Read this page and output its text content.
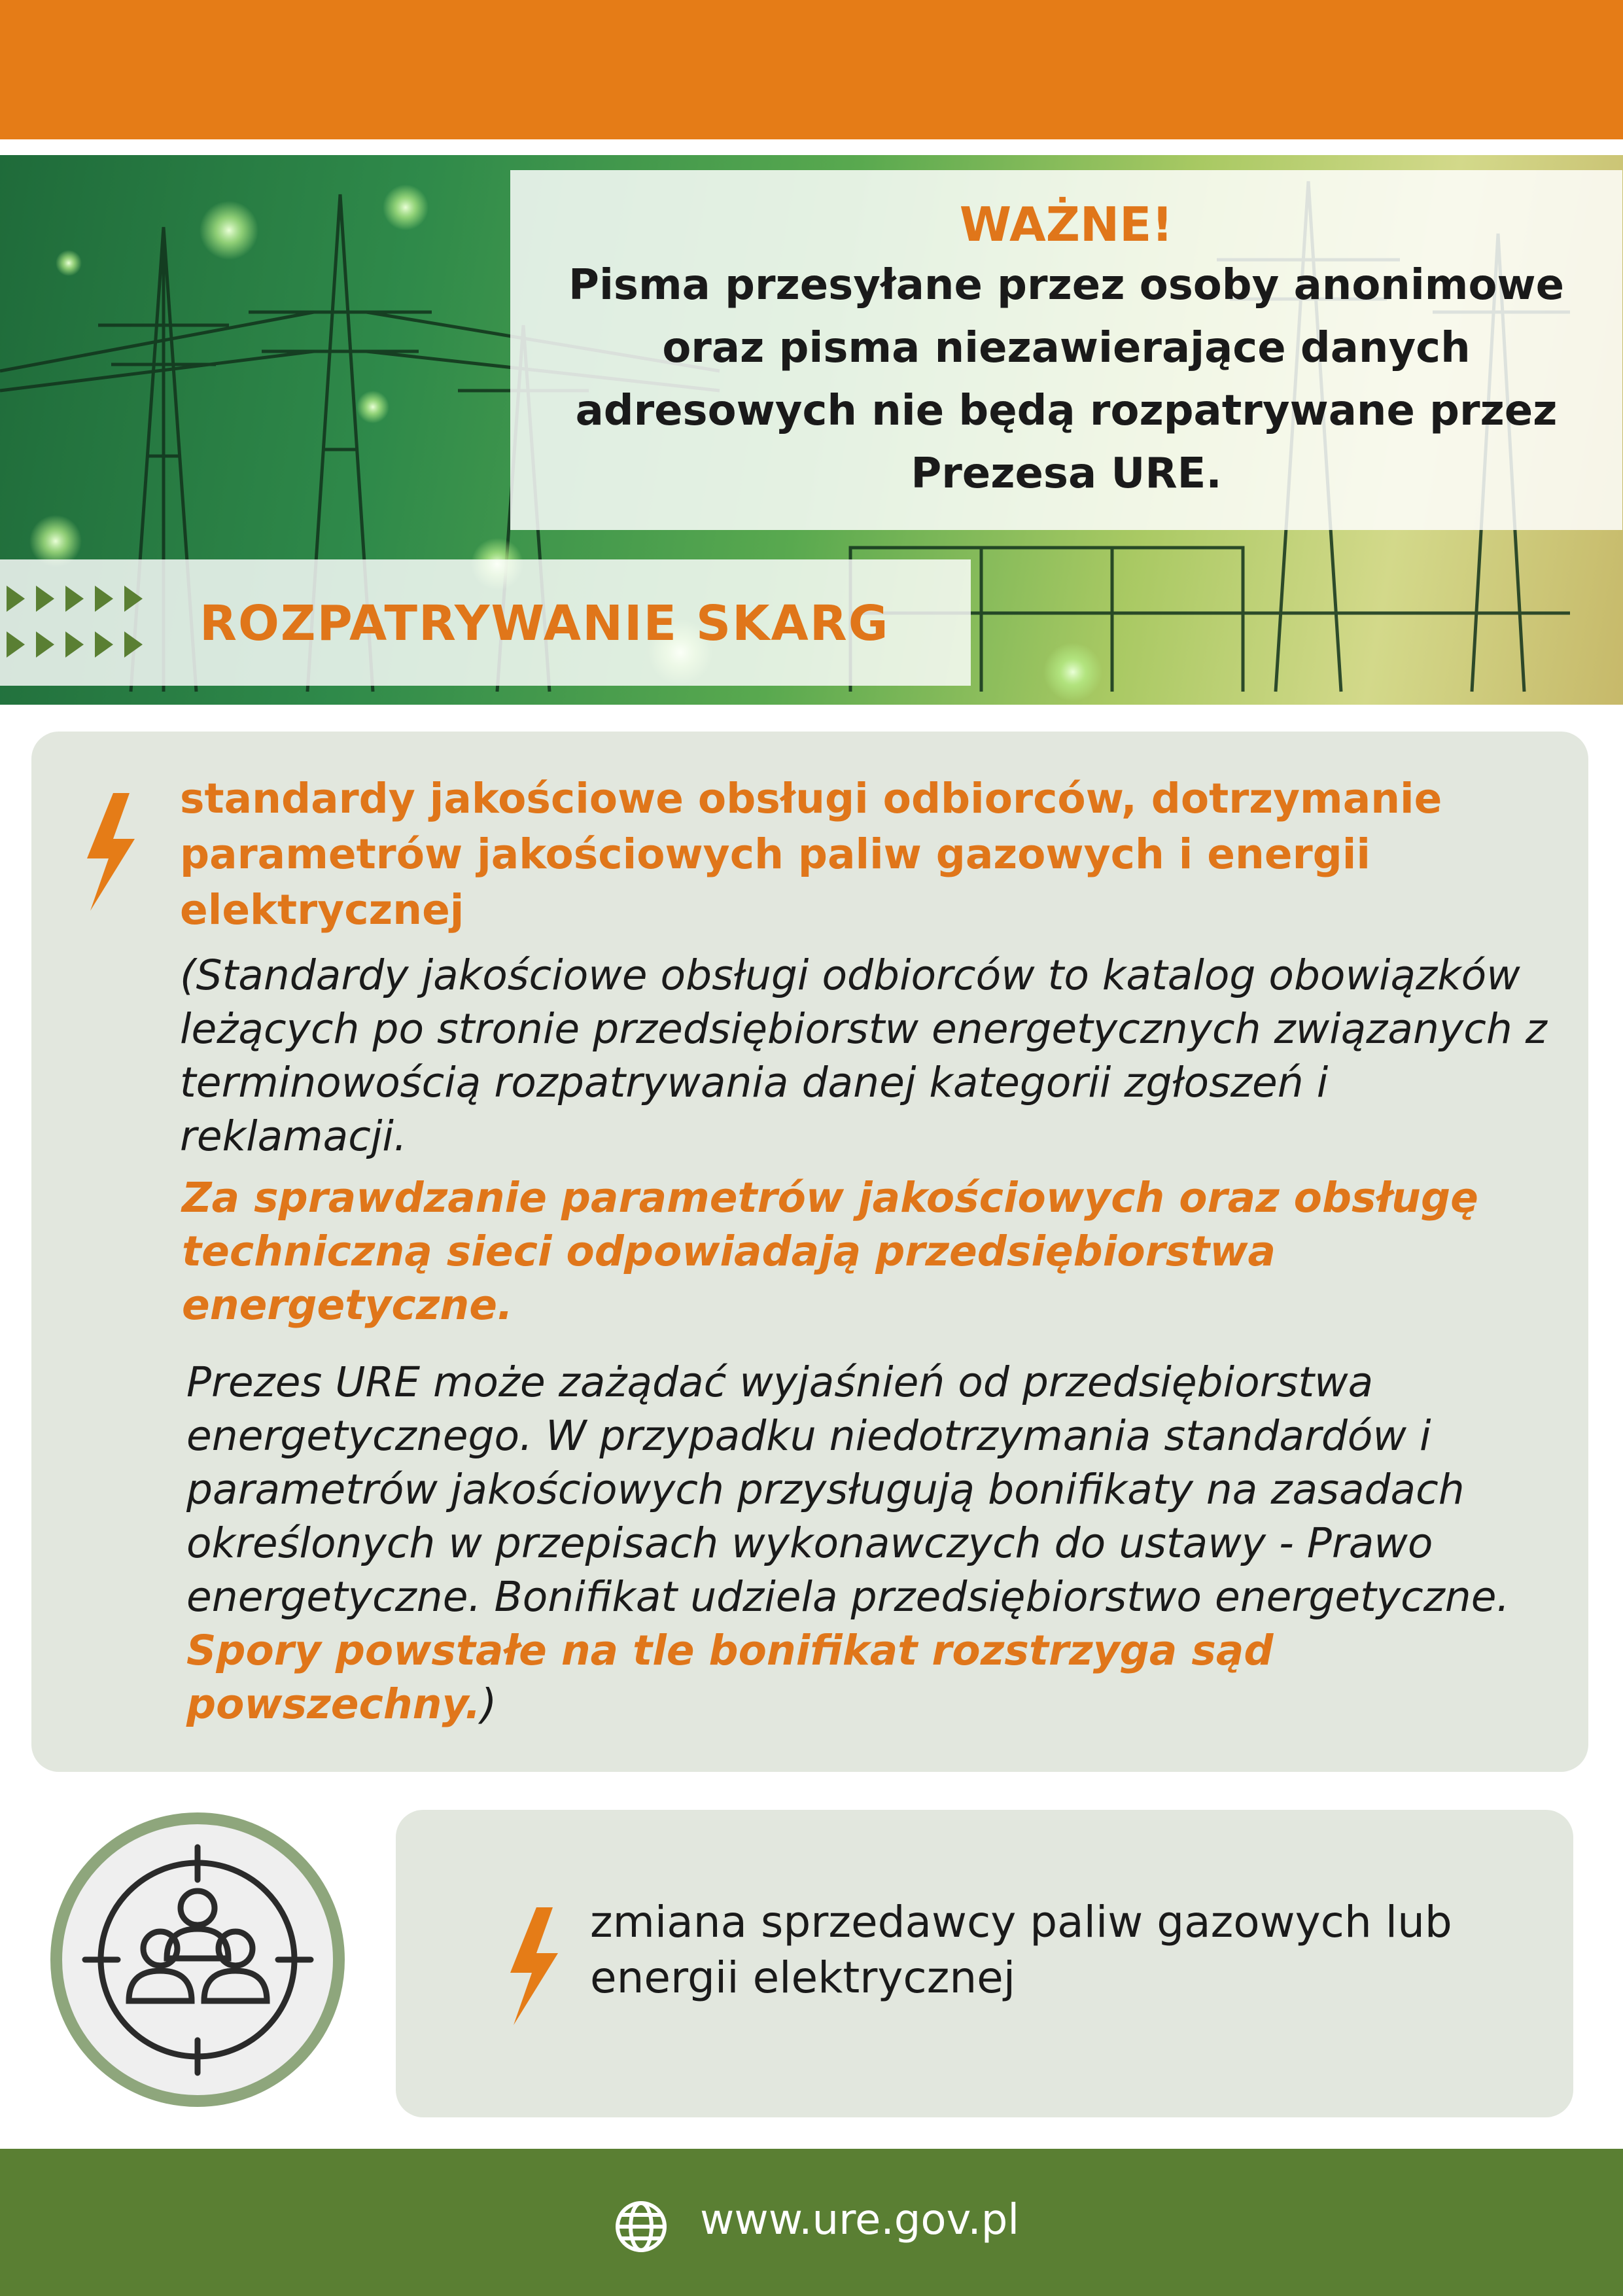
WAŻNE!
Pisma przesyłane przez osoby anonimowe oraz pisma niezawierające danych adresowych nie będą rozpatrywane przez Prezesa URE.
ROZPATRYWANIE SKARG
standardy jakościowe obsługi odbiorców, dotrzymanie parametrów jakościowych paliw gazowych i energii elektrycznej
(Standardy jakościowe obsługi odbiorców to katalog obowiązków leżących po stronie przedsiębiorstw energetycznych związanych z terminowością rozpatrywania danej kategorii zgłoszeń i reklamacji.
Za sprawdzanie parametrów jakościowych oraz obsługę techniczną sieci odpowiadają przedsiębiorstwa energetyczne.
Prezes URE może zażądać wyjaśnień od przedsiębiorstwa energetycznego. W przypadku niedotrzymania standardów i parametrów jakościowych przysługują bonifikaty na zasadach określonych w przepisach wykonawczych do ustawy - Prawo energetyczne. Bonifikat udziela przedsiębiorstwo energetyczne. Spory powstałe na tle bonifikat rozstrzyga sąd powszechny.)
zmiana sprzedawcy paliw gazowych lub energii elektrycznej
www.ure.gov.pl
